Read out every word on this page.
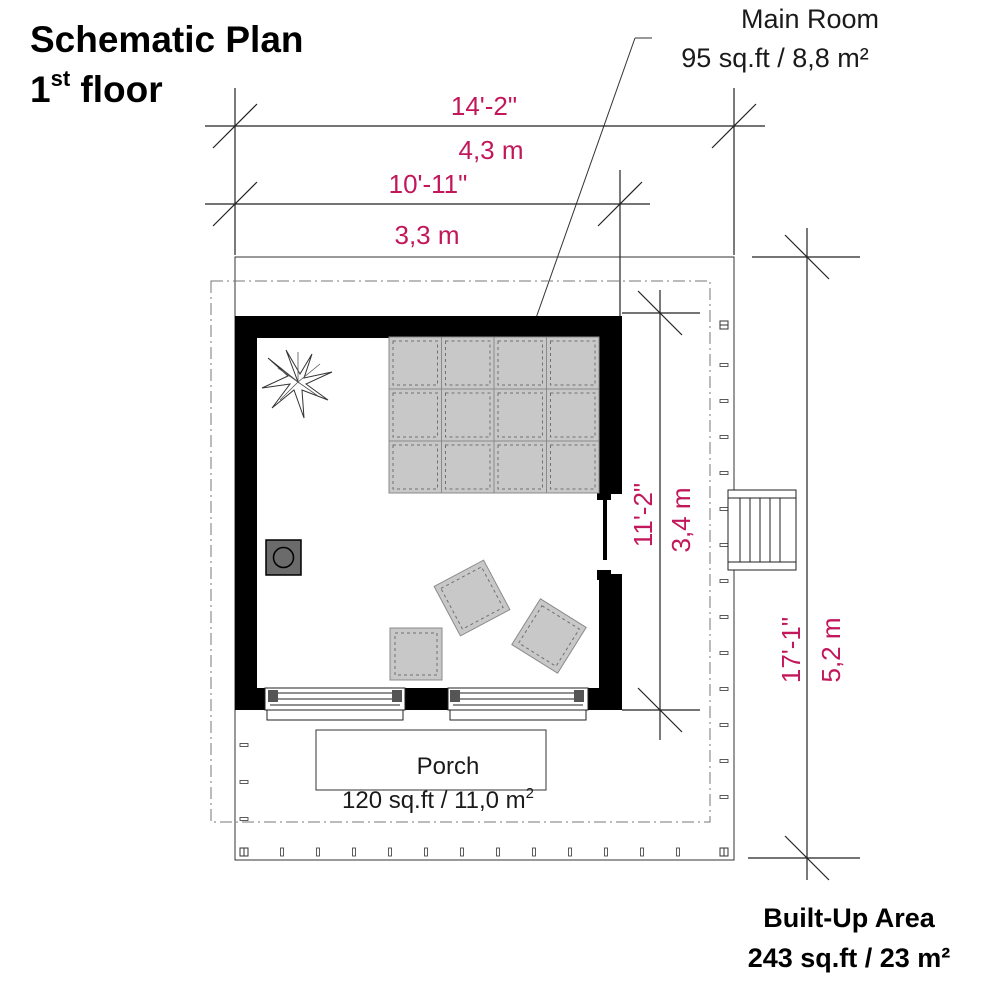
Schematic Plan
1st floor
Main Room
95 sq.ft / 8,8 m²
14'-2"
4,3 m
10'-11"
3,3 m
17'-1" 5,2 m
11'-2" 3,4 m
Porch
120 sq.ft / 11,0 $m^2$
Built-Up Area
243 sq.ft / 23 m²
